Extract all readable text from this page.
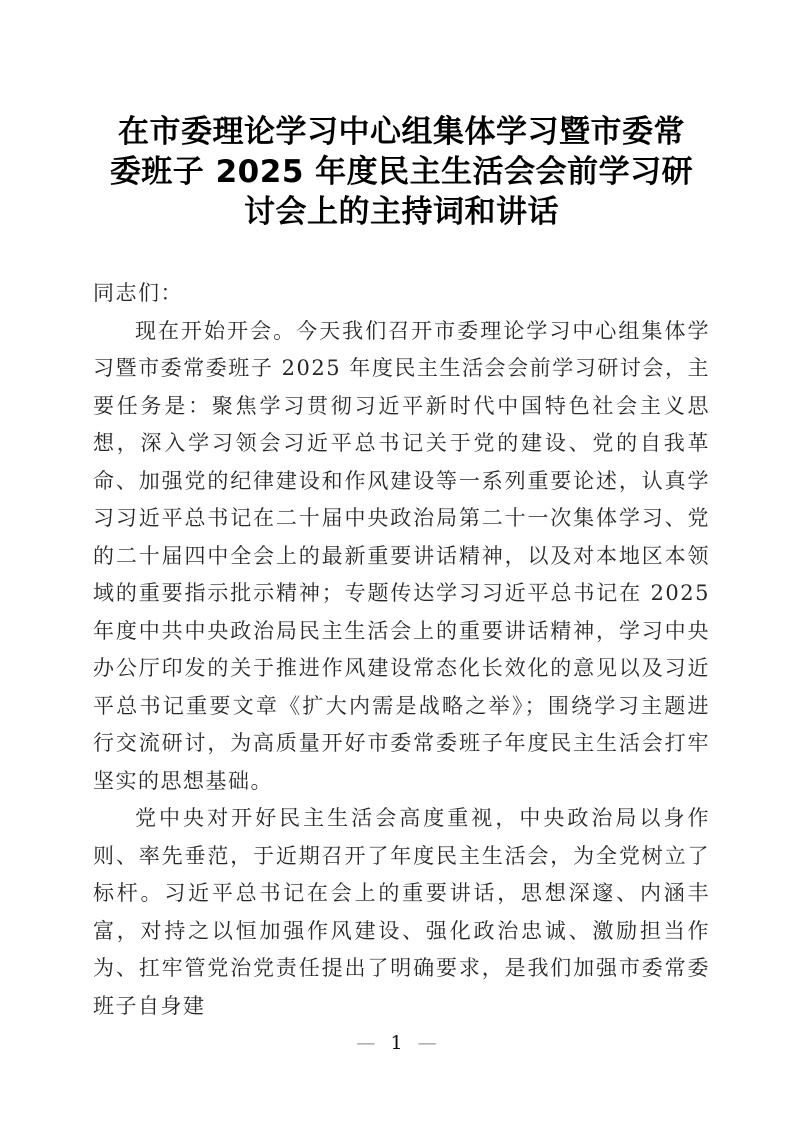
在市委理论学习中心组集体学习暨市委常
委班子 2025 年度民主生活会会前学习研
讨会上的主持词和讲话

同志们：

现在开始开会。今天我们召开市委理论学习中心组集体学习暨市委常委班子 2025 年度民主生活会会前学习研讨会，主要任务是：聚焦学习贯彻习近平新时代中国特色社会主义思想，深入学习领会习近平总书记关于党的建设、党的自我革命、加强党的纪律建设和作风建设等一系列重要论述，认真学习习近平总书记在二十届中央政治局第二十一次集体学习、党的二十届四中全会上的最新重要讲话精神，以及对本地区本领域的重要指示批示精神；专题传达学习习近平总书记在 2025 年度中共中央政治局民主生活会上的重要讲话精神，学习中央办公厅印发的关于推进作风建设常态化长效化的意见以及习近平总书记重要文章《扩大内需是战略之举》；围绕学习主题进行交流研讨，为高质量开好市委常委班子年度民主生活会打牢坚实的思想基础。

党中央对开好民主生活会高度重视，中央政治局以身作则、率先垂范，于近期召开了年度民主生活会，为全党树立了标杆。习近平总书记在会上的重要讲话，思想深邃、内涵丰富，对持之以恒加强作风建设、强化政治忠诚、激励担当作为、扛牢管党治党责任提出了明确要求，是我们加强市委常委班子自身建

— 1 —
